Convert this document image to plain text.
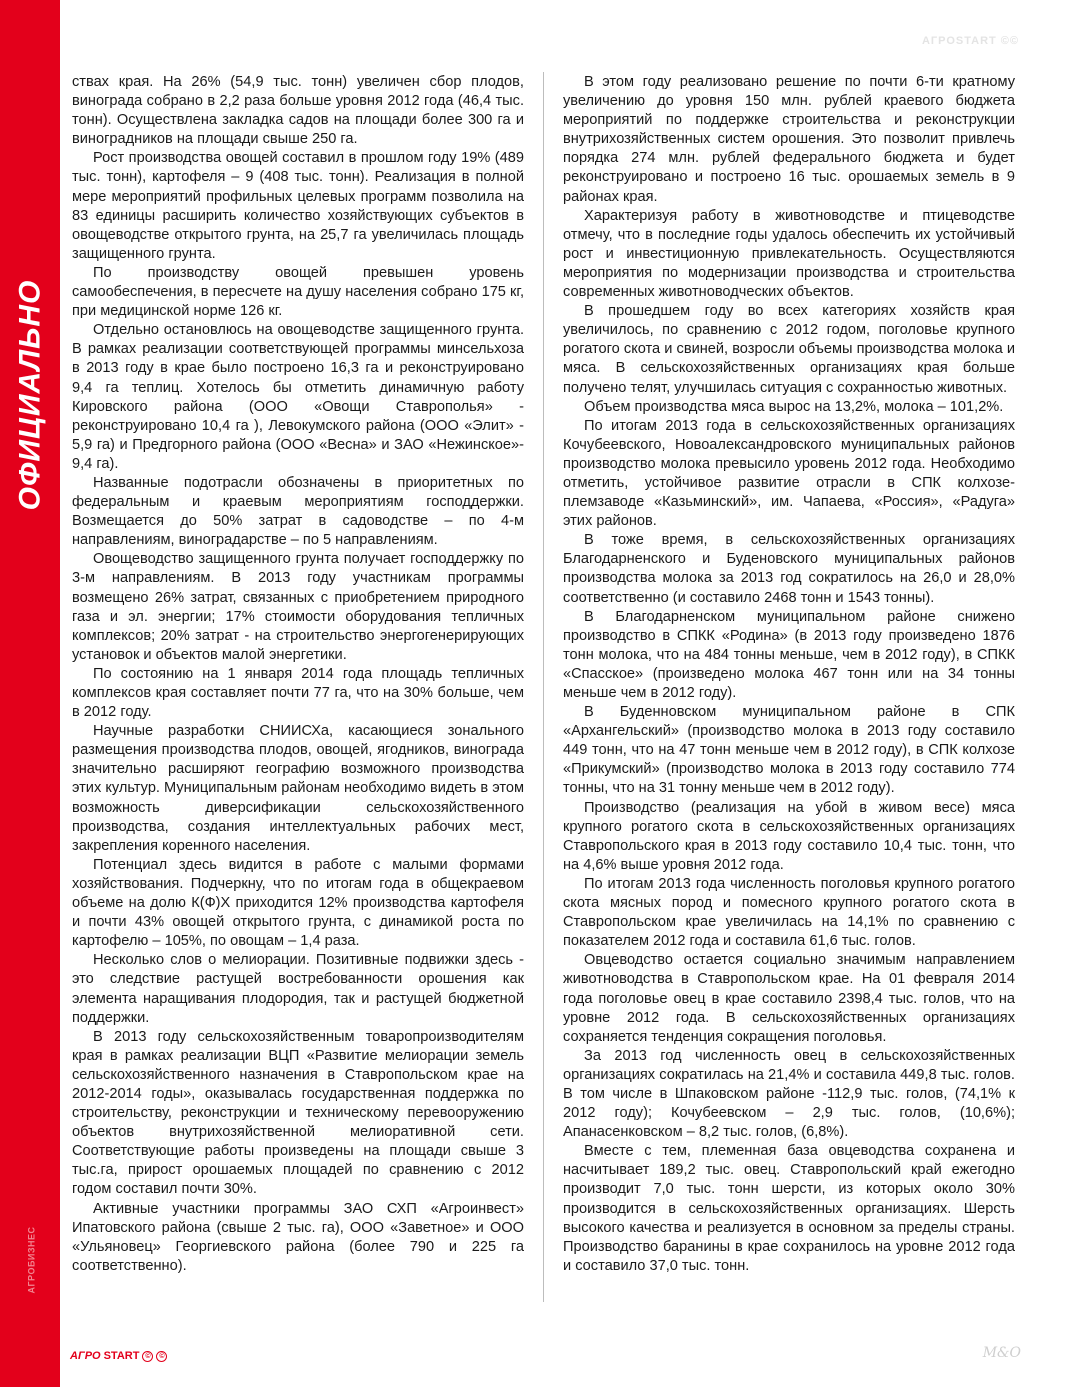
ОФИЦИАЛЬНО
АГРОБИЗНЕС
АГРОSTART ©©

ствах края. На 26% (54,9 тыс. тонн) увеличен сбор плодов, винограда собрано в 2,2 раза больше уровня 2012 года (46,4 тыс. тонн). Осуществлена закладка садов на площади более 300 га и виноградников на площади свыше 250 га.

Рост производства овощей составил в прошлом году 19% (489 тыс. тонн), картофеля – 9 (408 тыс. тонн). Реализация в полной мере мероприятий профильных целевых программ позволила на 83 единицы расширить количество хозяйствующих субъектов в овощеводстве открытого грунта, на 25,7 га увеличилась площадь защищенного грунта.

По производству овощей превышен уровень самообеспечения, в пересчете на душу населения собрано 175 кг, при медицинской норме 126 кг.

Отдельно остановлюсь на овощеводстве защищенного грунта. В рамках реализации соответствующей программы минсельхоза в 2013 году в крае было построено 16,3 га и реконструировано 9,4 га теплиц. Хотелось бы отметить динамичную работу Кировского района (ООО «Овощи Ставрополья» - реконструировано 10,4 га ), Левокумского района (ООО «Элит» - 5,9 га) и Предгорного района (ООО «Весна» и ЗАО «Нежинское»- 9,4 га).

Названные подотрасли обозначены в приоритетных по федеральным и краевым мероприятиям господдержки. Возмещается до 50% затрат в садоводстве – по 4-м направлениям, виноградарстве – по 5 направлениям.

Овощеводство защищенного грунта получает господдержку по 3-м направлениям. В 2013 году участникам программы возмещено 26% затрат, связанных с приобретением природного газа и эл. энергии; 17% стоимости оборудования тепличных комплексов; 20% затрат - на строительство энергогенерирующих установок и объектов малой энергетики.

По состоянию на 1 января 2014 года площадь тепличных комплексов края составляет почти 77 га, что на 30% больше, чем в 2012 году.

Научные разработки СНИИСХа, касающиеся зонального размещения производства плодов, овощей, ягодников, винограда значительно расширяют географию возможного производства этих культур. Муниципальным районам необходимо видеть в этом возможность диверсификации сельскохозяйственного производства, создания интеллектуальных рабочих мест, закрепления коренного населения.

Потенциал здесь видится в работе с малыми формами хозяйствования. Подчеркну, что по итогам года в общекраевом объеме на долю К(Ф)Х приходится 12% производства картофеля и почти 43% овощей открытого грунта, с динамикой роста по картофелю – 105%, по овощам – 1,4 раза.

Несколько слов о мелиорации. Позитивные подвижки здесь - это следствие растущей востребованности орошения как элемента наращивания плодородия, так и растущей бюджетной поддержки.

В 2013 году сельскохозяйственным товаропроизводителям края в рамках реализации ВЦП «Развитие мелиорации земель сельскохозяйственного назначения в Ставропольском крае на 2012-2014 годы», оказывалась государственная поддержка по строительству, реконструкции и техническому перевооружению объектов внутрихозяйственной мелиоративной сети. Соответствующие работы произведены на площади свыше 3 тыс.га, прирост орошаемых площадей по сравнению с 2012 годом составил почти 30%.

Активные участники программы ЗАО СХП «Агроинвест» Ипатовского района (свыше 2 тыс. га), ООО «Заветное» и ООО «Ульяновец» Георгиевского района (более 790 и 225 га соответственно).

В этом году реализовано решение по почти 6-ти кратному увеличению до уровня 150 млн. рублей краевого бюджета мероприятий по поддержке строительства и реконструкции внутрихозяйственных систем орошения. Это позволит привлечь порядка 274 млн. рублей федерального бюджета и будет реконструировано и построено 16 тыс. орошаемых земель в 9 районах края.

Характеризуя работу в животноводстве и птицеводстве отмечу, что в последние годы удалось обеспечить их устойчивый рост и инвестиционную привлекательность. Осуществляются мероприятия по модернизации производства и строительства современных животноводческих объектов.

В прошедшем году во всех категориях хозяйств края увеличилось, по сравнению с 2012 годом, поголовье крупного рогатого скота и свиней, возросли объемы производства молока и мяса. В сельскохозяйственных организациях края больше получено телят, улучшилась ситуация с сохранностью животных.

Объем производства мяса вырос на 13,2%, молока – 101,2%.

По итогам 2013 года в сельскохозяйственных организациях Кочубеевского, Новоалександровского муниципальных районов производство молока превысило уровень 2012 года. Необходимо отметить, устойчивое развитие отрасли в СПК колхозе-племзаводе «Казьминский», им. Чапаева, «Россия», «Радуга» этих районов.

В тоже время, в сельскохозяйственных организациях Благодарненского и Буденовского муниципальных районов производства молока за 2013 год сократилось на 26,0 и 28,0% соответственно (и составило 2468 тонн и 1543 тонны).

В Благодарненском муниципальном районе снижено производство в СПКК «Родина» (в 2013 году произведено 1876 тонн молока, что на 484 тонны меньше, чем в 2012 году), в СПКК «Спасское» (произведено молока 467 тонн или на 34 тонны меньше чем в 2012 году).

В Буденновском муниципальном районе в СПК «Архангельский» (производство молока в 2013 году составило 449 тонн, что на 47 тонн меньше чем в 2012 году), в СПК колхозе «Прикумский» (производство молока в 2013 году составило 774 тонны, что на 31 тонну меньше чем в 2012 году).

Производство (реализация на убой в живом весе) мяса крупного рогатого скота в сельскохозяйственных организациях Ставропольского края в 2013 году составило 10,4 тыс. тонн, что на 4,6% выше уровня 2012 года.

По итогам 2013 года численность поголовья крупного рогатого скота мясных пород и помесного крупного рогатого скота в Ставропольском крае увеличилась на 14,1% по сравнению с показателем 2012 года и составила 61,6 тыс. голов.

Овцеводство остается социально значимым направлением животноводства в Ставропольском крае. На 01 февраля 2014 года поголовье овец в крае составило 2398,4 тыс. голов, что на уровне 2012 года. В сельскохозяйственных организациях сохраняется тенденция сокращения поголовья.

За 2013 год численность овец в сельскохозяйственных организациях сократилась на 21,4% и составила 449,8 тыс. голов. В том числе в Шпаковском районе -112,9 тыс. голов, (74,1% к 2012 году); Кочубеевском – 2,9 тыс. голов, (10,6%); Апанасенковском – 8,2 тыс. голов, (6,8%).

Вместе с тем, племенная база овцеводства сохранена и насчитывает 189,2 тыс. овец. Ставропольский край ежегодно производит 7,0 тыс. тонн шерсти, из которых около 30% производится в сельскохозяйственных организациях. Шерсть высокого качества и реализуется в основном за пределы страны. Производство баранины в крае сохранилось на уровне 2012 года и составило 37,0 тыс. тонн.

АГРО START ©	©	М&О
